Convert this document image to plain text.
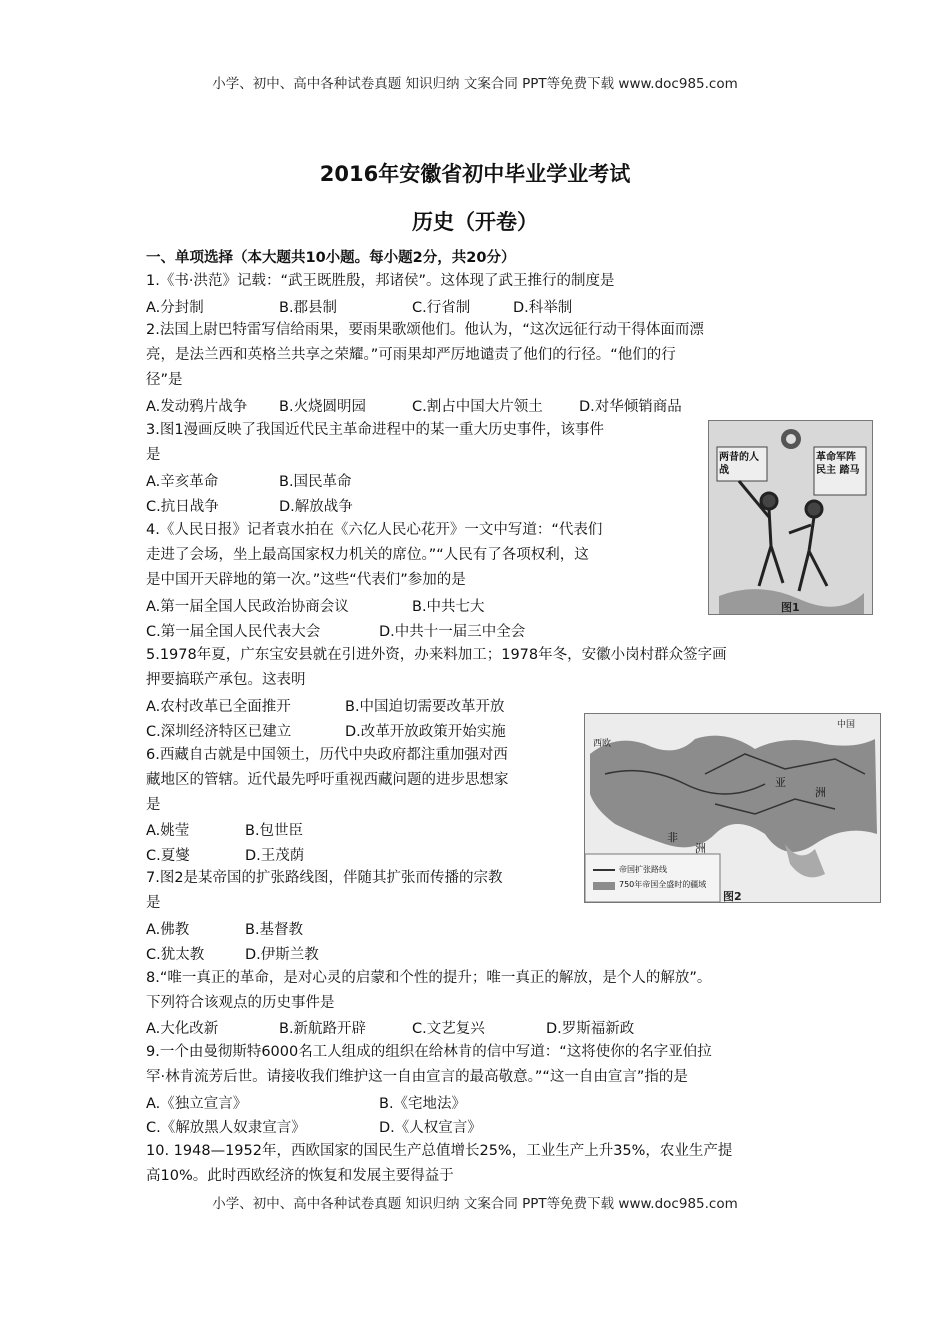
小学、初中、高中各种试卷真题 知识归纳 文案合同 PPT等免费下载 www.doc985.com
小学、初中、高中各种试卷真题 知识归纳 文案合同 PPT等免费下载 www.doc985.com
2016年安徽省初中毕业学业考试
历史（开卷）
一、单项选择（本大题共10小题。每小题2分，共20分）
1.《书·洪范》记载：“武王既胜殷，邦诸侯”。这体现了武王推行的制度是
A.分封制	B.郡县制	C.行省制	D.科举制
2.法国上尉巴特雷写信给雨果，要雨果歌颂他们。他认为，“这次远征行动干得体面而漂
亮，是法兰西和英格兰共享之荣耀。”可雨果却严厉地谴责了他们的行径。“他们的行
径”是
A.发动鸦片战争 B.火烧圆明园	C.割占中国大片领土	D.对华倾销商品
3.图1漫画反映了我国近代民主革命进程中的某一重大历史事件，该事件
是
A.辛亥革命	B.国民革命
C.抗日战争	D.解放战争
两昔的人战
革命军阵民主 踏马
图1
4.《人民日报》记者袁水拍在《六亿人民心花开》一文中写道：“代表们
走进了会场，坐上最高国家权力机关的席位。”“人民有了各项权利，这
是中国开天辟地的第一次。”这些“代表们”参加的是
A.第一届全国人民政治协商会议	B.中共七大
C.第一届全国人民代表大会	D.中共十一届三中全会
5.1978年夏，广东宝安县就在引进外资，办来料加工；1978年冬，安徽小岗村群众签字画
押要搞联产承包。这表明
A.农村改革已全面推开	B.中国迫切需要改革开放
C.深圳经济特区已建立	D.改革开放政策开始实施	中国
西欧
非
洲
亚
洲
帝国扩张路线
750年帝国全盛时的疆域
图2
6.西藏自古就是中国领土，历代中央政府都注重加强对西
藏地区的管辖。近代最先呼吁重视西藏问题的进步思想家
是
A.姚莹	B.包世臣
C.夏燮	D.王茂荫
7.图2是某帝国的扩张路线图，伴随其扩张而传播的宗教
是
A.佛教	B.基督教
C.犹太教	D.伊斯兰教
8.“唯一真正的革命，是对心灵的启蒙和个性的提升；唯一真正的解放，是个人的解放”。
下列符合该观点的历史事件是
A.大化改新	B.新航路开辟	C.文艺复兴	D.罗斯福新政
9.一个由曼彻斯特6000名工人组成的组织在给林肯的信中写道：“这将使你的名字亚伯拉
罕·林肯流芳后世。请接收我们维护这一自由宣言的最高敬意。”“这一自由宣言”指的是
A.《独立宣言》	B.《宅地法》
C.《解放黑人奴隶宣言》	D.《人权宣言》
10. 1948—1952年，西欧国家的国民生产总值增长25%，工业生产上升35%，农业生产提
高10%。此时西欧经济的恢复和发展主要得益于
